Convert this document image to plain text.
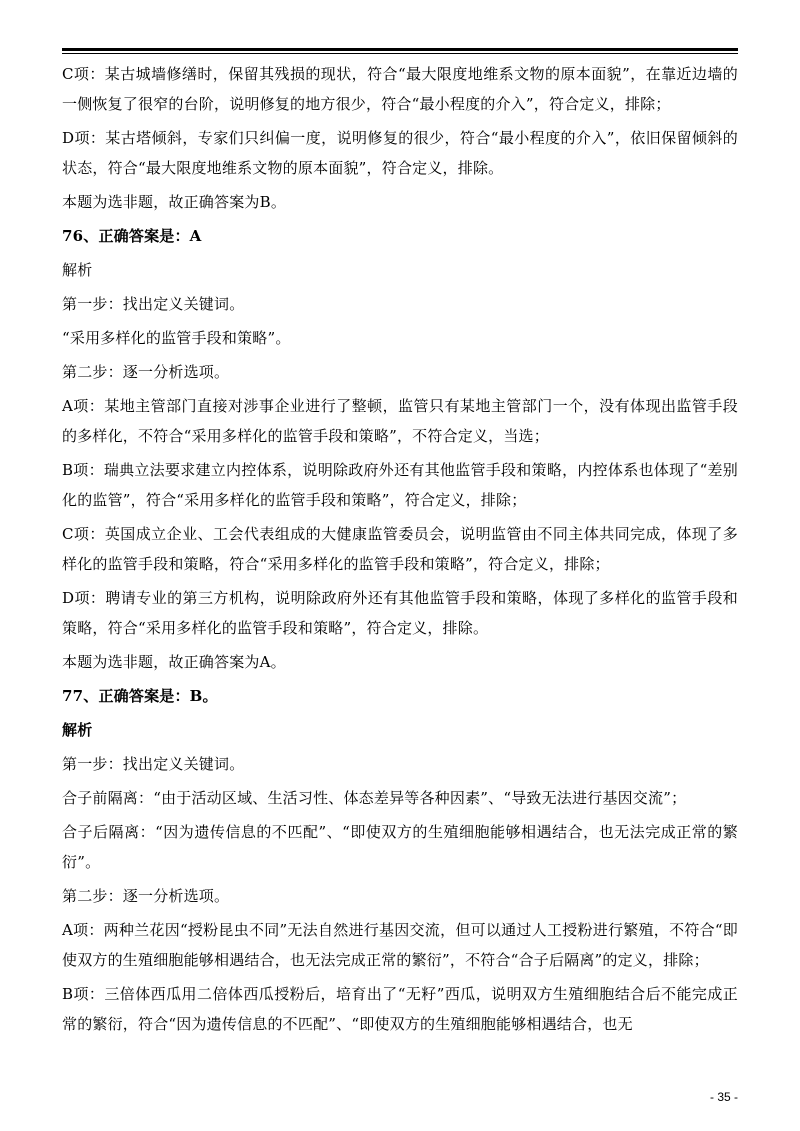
C项：某古城墙修缮时，保留其残损的现状，符合“最大限度地维系文物的原本面貌”，在靠近边墙的一侧恢复了很窄的台阶，说明修复的地方很少，符合“最小程度的介入”，符合定义，排除；

D项：某古塔倾斜，专家们只纠偏一度，说明修复的很少，符合“最小程度的介入”，依旧保留倾斜的状态，符合“最大限度地维系文物的原本面貌”，符合定义，排除。

本题为选非题，故正确答案为B。

76、正确答案是：A

解析

第一步：找出定义关键词。

“采用多样化的监管手段和策略”。

第二步：逐一分析选项。

A项：某地主管部门直接对涉事企业进行了整顿，监管只有某地主管部门一个，没有体现出监管手段的多样化，不符合“采用多样化的监管手段和策略”，不符合定义，当选；

B项：瑞典立法要求建立内控体系，说明除政府外还有其他监管手段和策略，内控体系也体现了“差别化的监管”，符合“采用多样化的监管手段和策略”，符合定义，排除；

C项：英国成立企业、工会代表组成的大健康监管委员会，说明监管由不同主体共同完成，体现了多样化的监管手段和策略，符合“采用多样化的监管手段和策略”，符合定义，排除；

D项：聘请专业的第三方机构，说明除政府外还有其他监管手段和策略，体现了多样化的监管手段和策略，符合“采用多样化的监管手段和策略”，符合定义，排除。

本题为选非题，故正确答案为A。

77、正确答案是：B。

解析

第一步：找出定义关键词。

合子前隔离：“由于活动区域、生活习性、体态差异等各种因素”、“导致无法进行基因交流”；

合子后隔离：“因为遗传信息的不匹配”、“即使双方的生殖细胞能够相遇结合，也无法完成正常的繁衍”。

第二步：逐一分析选项。

A项：两种兰花因“授粉昆虫不同”无法自然进行基因交流，但可以通过人工授粉进行繁殖，不符合“即使双方的生殖细胞能够相遇结合，也无法完成正常的繁衍”，不符合“合子后隔离”的定义，排除；

B项：三倍体西瓜用二倍体西瓜授粉后，培育出了“无籽”西瓜，说明双方生殖细胞结合后不能完成正常的繁衍，符合“因为遗传信息的不匹配”、“即使双方的生殖细胞能够相遇结合，也无

- 35 -
